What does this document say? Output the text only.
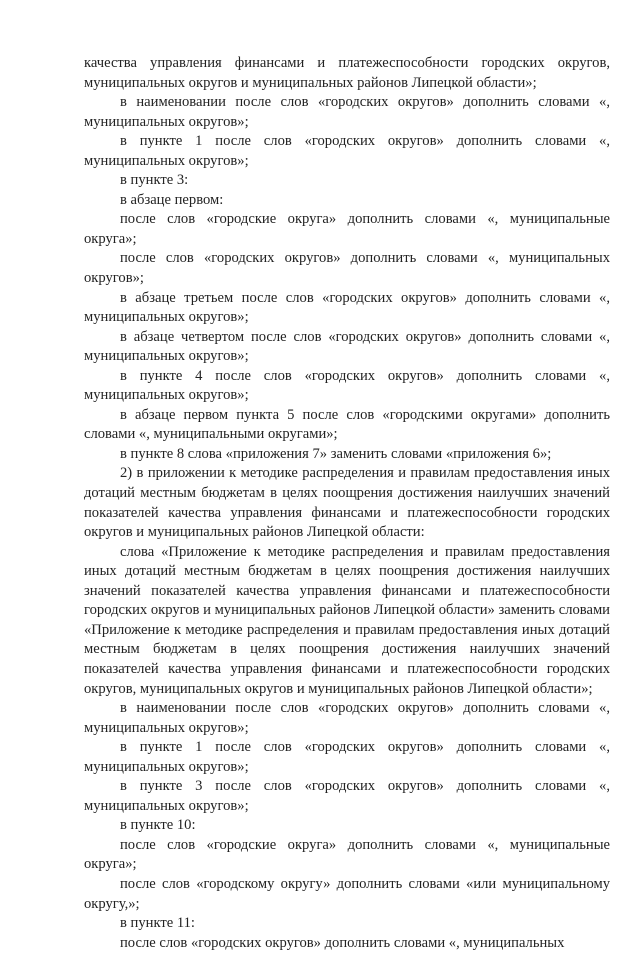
качества управления финансами и платежеспособности городских округов, муниципальных округов и муниципальных районов Липецкой области»;

в наименовании после слов «городских округов» дополнить словами «, муниципальных округов»;

в пункте 1 после слов «городских округов» дополнить словами «, муниципальных округов»;

в пункте 3:

в абзаце первом:

после слов «городские округа» дополнить словами «, муниципальные округа»;

после слов «городских округов» дополнить словами «, муниципальных округов»;

в абзаце третьем после слов «городских округов» дополнить словами «, муниципальных округов»;

в абзаце четвертом после слов «городских округов» дополнить словами «, муниципальных округов»;

в пункте 4 после слов «городских округов» дополнить словами «, муниципальных округов»;

в абзаце первом пункта 5 после слов «городскими округами» дополнить словами «, муниципальными округами»;

в пункте 8 слова «приложения 7» заменить словами «приложения 6»;

2) в приложении к методике распределения и правилам предоставления иных дотаций местным бюджетам в целях поощрения достижения наилучших значений показателей качества управления финансами и платежеспособности городских округов и муниципальных районов Липецкой области:

слова «Приложение к методике распределения и правилам предоставления иных дотаций местным бюджетам в целях поощрения достижения наилучших значений показателей качества управления финансами и платежеспособности городских округов и муниципальных районов Липецкой области» заменить словами «Приложение к методике распределения и правилам предоставления иных дотаций местным бюджетам в целях поощрения достижения наилучших значений показателей качества управления финансами и платежеспособности городских округов, муниципальных округов и муниципальных районов Липецкой области»;

в наименовании после слов «городских округов» дополнить словами «, муниципальных округов»;

в пункте 1 после слов «городских округов» дополнить словами «, муниципальных округов»;

в пункте 3 после слов «городских округов» дополнить словами «, муниципальных округов»;

в пункте 10:

после слов «городские округа» дополнить словами «, муниципальные округа»;

после слов «городскому округу» дополнить словами «или муниципальному округу,»;

в пункте 11:

после слов «городских округов» дополнить словами «, муниципальных
